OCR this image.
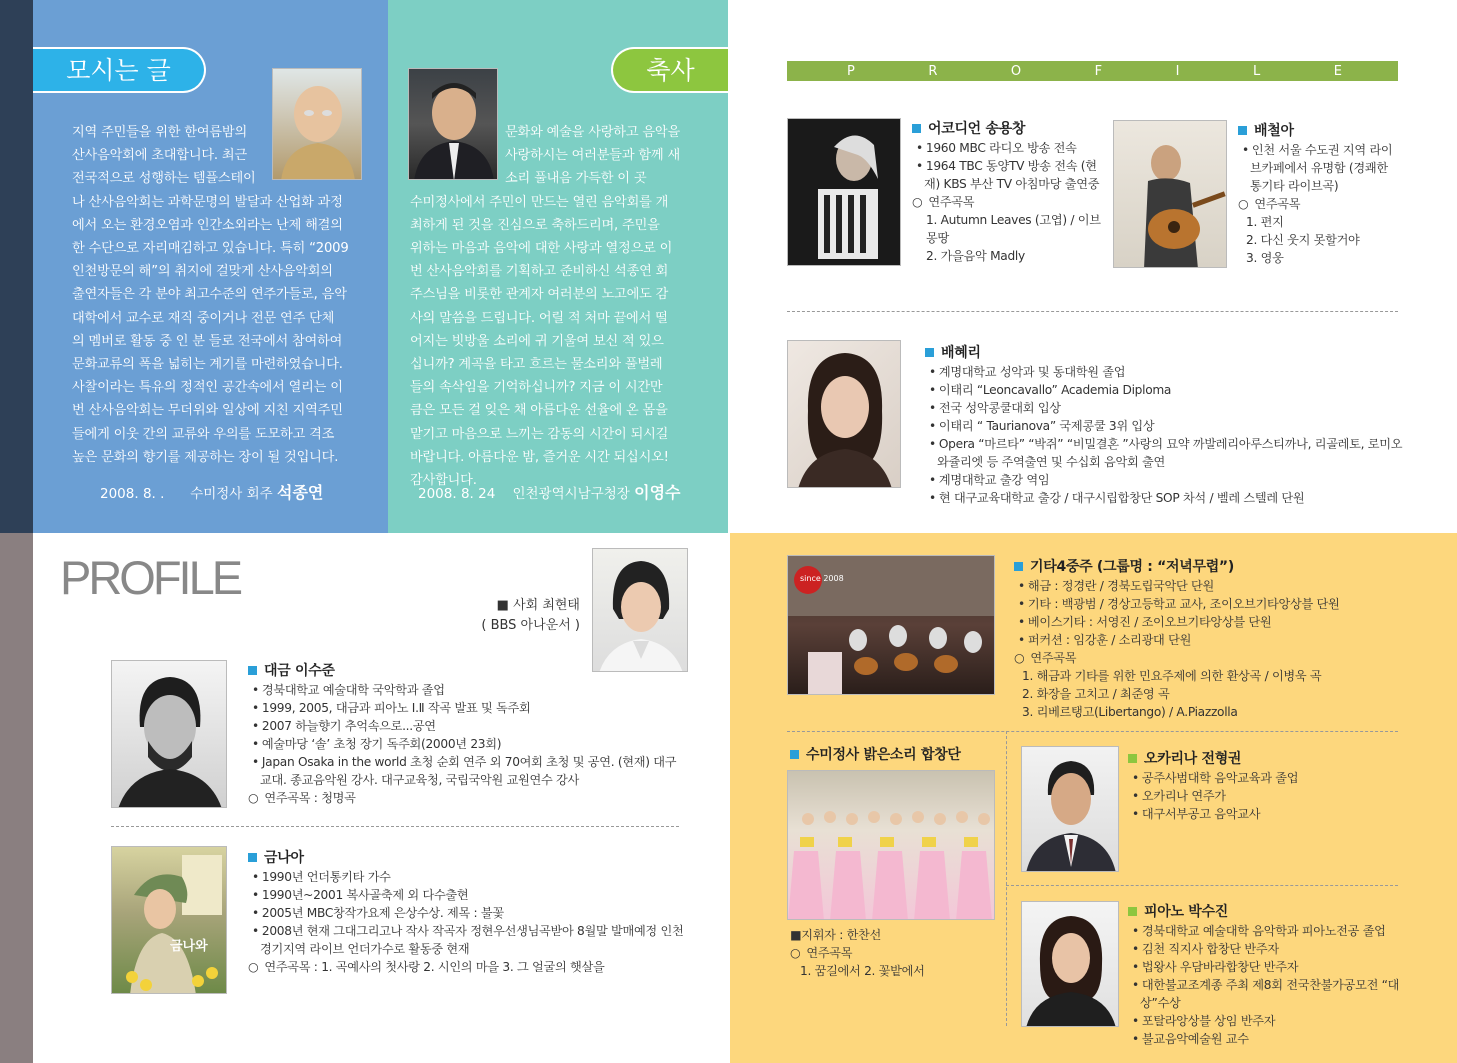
모시는 글
지역 주민들을 위한 한여름밤의
산사음악회에 초대합니다. 최근
전국적으로 성행하는 템플스테이
나 산사음악회는 과학문명의 발달과 산업화 과정
에서 오는 환경오염과 인간소외라는 난제 해결의
한 수단으로 자리매김하고 있습니다. 특히 “2009
인천방문의 해”의 취지에 걸맞게 산사음악회의
출연자들은 각 분야 최고수준의 연주가들로, 음악
대학에서 교수로 재직 중이거나 전문 연주 단체
의 멤버로 활동 중 인 분 들로 전국에서 참여하여
문화교류의 폭을 넓히는 계기를 마련하였습니다.
사찰이라는 특유의 정적인 공간속에서 열리는 이
번 산사음악회는 무더위와 일상에 지친 지역주민
들에게 이웃 간의 교류와 우의를 도모하고 격조
높은 문화의 향기를 제공하는 장이 될 것입니다.
2008. 8. . 수미정사 회주 석종연
축사
문화와 예술을 사랑하고 음악을
사랑하시는 여러분들과 함께 새
소리 풀내음 가득한 이 곳
수미정사에서 주민이 만드는 열린 음악회를 개
최하게 된 것을 진심으로 축하드리며, 주민을
위하는 마음과 음악에 대한 사랑과 열정으로 이
번 산사음악회를 기획하고 준비하신 석종연 회
주스님을 비롯한 관계자 여러분의 노고에도 감
사의 말씀을 드립니다. 어릴 적 처마 끝에서 떨
어지는 빗방울 소리에 귀 기울여 보신 적 있으
십니까? 계곡을 타고 흐르는 물소리와 풀벌레
들의 속삭임을 기억하십니까? 지금 이 시간만
큼은 모든 걸 잊은 채 아름다운 선율에 온 몸을
맡기고 마음으로 느끼는 감동의 시간이 되시길
바랍니다. 아름다운 밤, 즐거운 시간 되십시오!
감사합니다.
2008. 8. 24 인천광역시남구청장 이영수
P	R	O	F	I	L	E
어코디언 송용창
• 1960 MBC 라디오 방송 전속
• 1964 TBC 동양TV 방송 전속 (현재) KBS 부산 TV 아침마당 출연중
○ 연주곡목
1. Autumn Leaves (고엽) / 이브 몽땅
2. 가을음악 Madly
배철아
• 인천 서울 수도권 지역 라이브카페에서 유명함 (경쾌한 통기타 라이브곡)
○ 연주곡목
1. 편지
2. 다신 웃지 못할거야
3. 영웅
배혜리
• 계명대학교 성악과 및 동대학원 졸업
• 이태리 “Leoncavallo” Academia Diploma
• 전국 성악콩쿨대회 입상
• 이태리 “ Taurianova” 국제콩쿨 3위 입상
• Opera “마르타” “박쥐” “비밀결혼 ”사랑의 묘약 까발레리아루스티까나, 리골레토, 로미오와쥴리엣 등 주역출연 및 수십회 음악회 출연
• 계명대학교 출강 역임
• 현 대구교육대학교 출강 / 대구시립합창단 SOP 차석 / 벨레 스텔레 단원
PROFILE
■ 사회 최현태
( BBS 아나운서 )
대금 이수준
• 경북대학교 예술대학 국악학과 졸업
• 1999, 2005, 대금과 피아노 Ⅰ.Ⅱ 작곡 발표 및 독주회
• 2007 하늘향기 추억속으로...공연
• 예술마당 ‘솔’ 초청 장기 독주회(2000년 23회)
• Japan Osaka in the world 초청 순회 연주 외 70여회 초청 및 공연. (현재) 대구교대. 종교음악원 강사. 대구교육청, 국립국악원 교원연수 강사
○ 연주곡목 : 청명곡
금나와
금나아
• 1990년 언더통키타 가수
• 1990년~2001 복사골축제 외 다수출현
• 2005년 MBC창작가요제 은상수상. 제목 : 불꽃
• 2008년 현재 그대그리고나 작사 작곡자 정현우선생님곡받아 8월말 발매예정 인천 경기지역 라이브 언더가수로 활동중 현재
○ 연주곡목 : 1. 곡예사의 첫사랑 2. 시인의 마을 3. 그 얼굴의 햇살을
since 2008
기타4중주 (그룹명 : “저녁무렵”)
• 해금 : 정경란 / 경북도립국악단 단원
• 기타 : 백광범 / 경상고등학교 교사, 조이오브기타앙상블 단원
• 베이스기타 : 서영진 / 조이오브기타앙상블 단원
• 퍼커션 : 임강훈 / 소리광대 단원
○ 연주곡목
1. 해금과 기타를 위한 민요주제에 의한 환상곡 / 이병욱 곡
2. 화장을 고치고 / 최준영 곡
3. 리베르탱고(Libertango) / A.Piazzolla
수미정사 밝은소리 합창단
■지휘자 : 한찬선
○ 연주곡목
1. 꿈길에서 2. 꽃밭에서
오카리나 전형권
• 공주사범대학 음악교육과 졸업
• 오카리나 연주가
• 대구서부공고 음악교사
피아노 박수진
• 경북대학교 예술대학 음악학과 피아노전공 졸업
• 김천 직지사 합창단 반주자
• 법왕사 우담바라합창단 반주자
• 대한불교조계종 주최 제8회 전국찬불가공모전 “대상”수상
• 포탈라앙상블 상임 반주자
• 불교음악예술원 교수
